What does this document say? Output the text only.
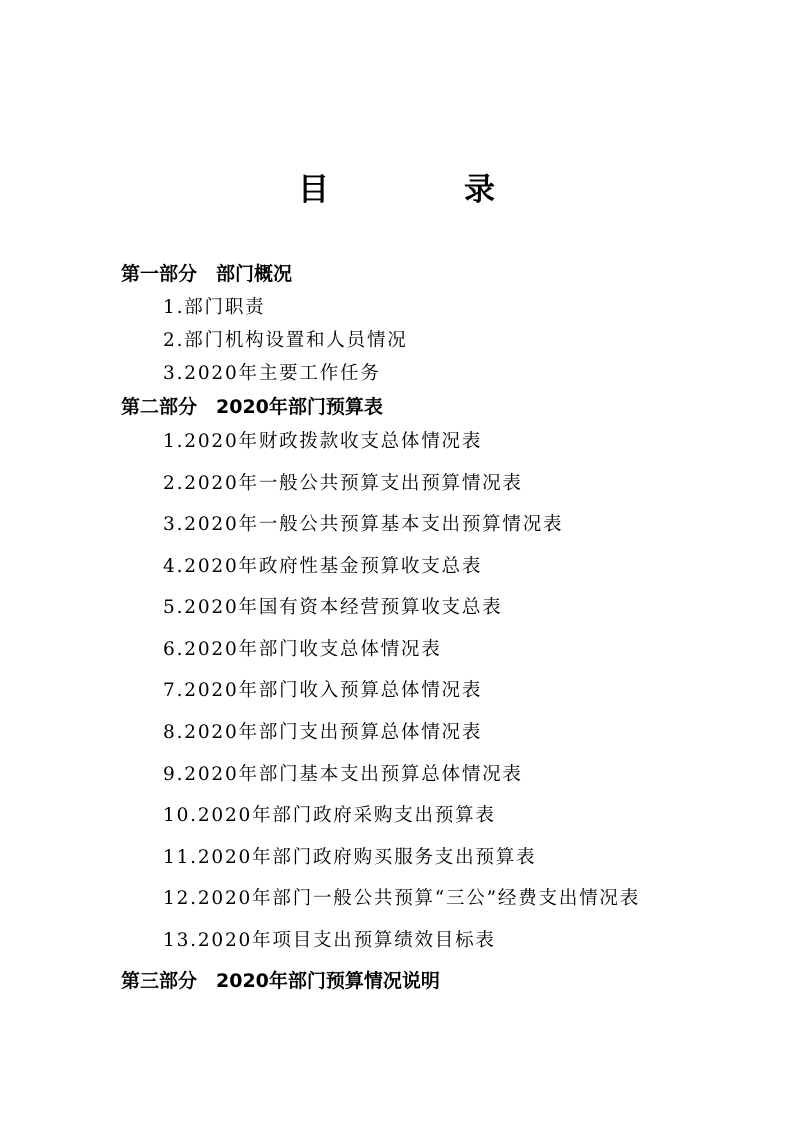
目　录
第一部分　部门概况
1.部门职责
2.部门机构设置和人员情况
3.2020年主要工作任务
第二部分　2020年部门预算表
1.2020年财政拨款收支总体情况表
2.2020年一般公共预算支出预算情况表
3.2020年一般公共预算基本支出预算情况表
4.2020年政府性基金预算收支总表
5.2020年国有资本经营预算收支总表
6.2020年部门收支总体情况表
7.2020年部门收入预算总体情况表
8.2020年部门支出预算总体情况表
9.2020年部门基本支出预算总体情况表
10.2020年部门政府采购支出预算表
11.2020年部门政府购买服务支出预算表
12.2020年部门一般公共预算“三公”经费支出情况表
13.2020年项目支出预算绩效目标表
第三部分　2020年部门预算情况说明
